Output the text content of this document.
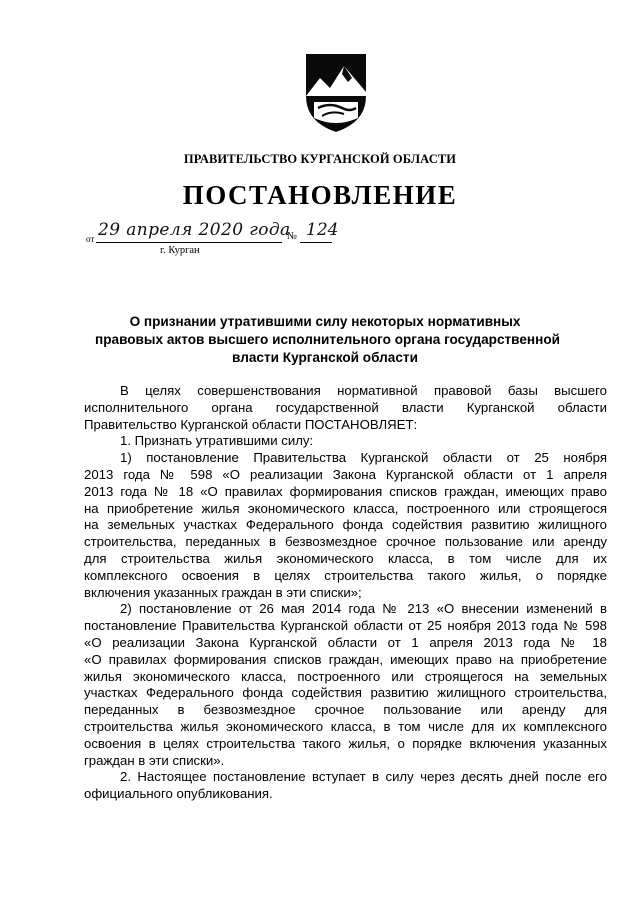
ПРАВИТЕЛЬСТВО КУРГАНСКОЙ ОБЛАСТИ
ПОСТАНОВЛЕНИЕ
от 29 апреля 2020 года
№ 124
г. Курган
О признании утратившими силу некоторых нормативных
правовых актов высшего исполнительного органа государственной
власти Курганской области

В целях совершенствования нормативной правовой базы высшего

исполнительного органа государственной власти Курганской области

Правительство Курганской области ПОСТАНОВЛЯЕТ:

1. Признать утратившими силу:

1) постановление Правительства Курганской области от 25 ноября

2013 года № 598 «О реализации Закона Курганской области от 1 апреля

2013 года № 18 «О правилах формирования списков граждан, имеющих право

на приобретение жилья экономического класса, построенного или строящегося

на земельных участках Федерального фонда содействия развитию жилищного

строительства, переданных в безвозмездное срочное пользование или аренду

для строительства жилья экономического класса, в том числе для их

комплексного освоения в целях строительства такого жилья, о порядке

включения указанных граждан в эти списки»;

2) постановление от 26 мая 2014 года № 213 «О внесении изменений в

постановление Правительства Курганской области от 25 ноября 2013 года № 598

«О реализации Закона Курганской области от 1 апреля 2013 года № 18

«О правилах формирования списков граждан, имеющих право на приобретение

жилья экономического класса, построенного или строящегося на земельных

участках Федерального фонда содействия развитию жилищного строительства,

переданных в безвозмездное срочное пользование или аренду для

строительства жилья экономического класса, в том числе для их комплексного

освоения в целях строительства такого жилья, о порядке включения указанных

граждан в эти списки».

2. Настоящее постановление вступает в силу через десять дней после его

официального опубликования.
